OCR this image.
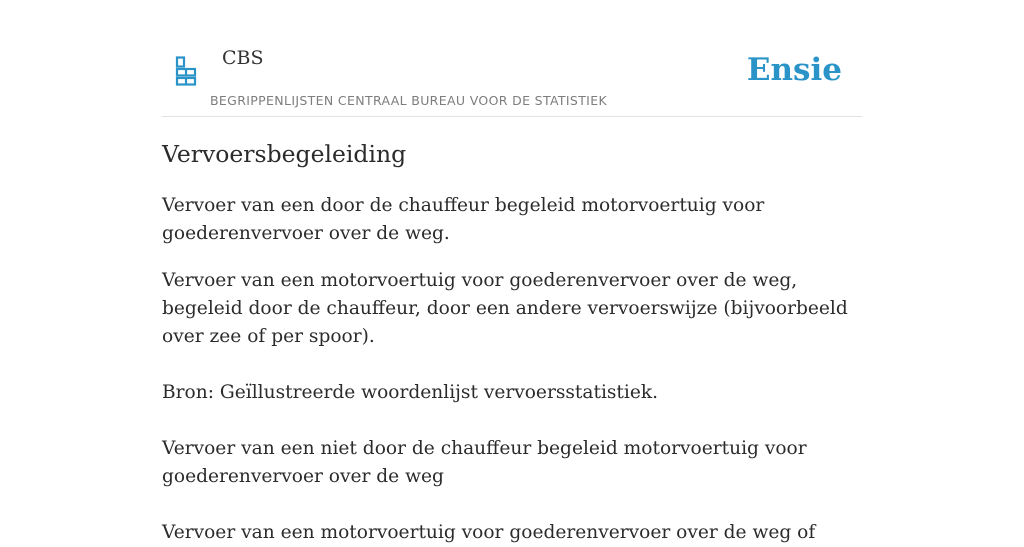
CBS
BEGRIPPENLIJSTEN CENTRAAL BUREAU VOOR DE STATISTIEK
Ensie
Vervoersbegeleiding

Vervoer van een door de chauffeur begeleid motorvoertuig voor goederenvervoer over de weg.

Vervoer van een motorvoertuig voor goederenvervoer over de weg, begeleid door de chauffeur, door een andere vervoerswijze (bijvoorbeeld over zee of per spoor).

Bron: Geïllustreerde woordenlijst vervoersstatistiek.

Vervoer van een niet door de chauffeur begeleid motorvoertuig voor goederenvervoer over de weg

Vervoer van een motorvoertuig voor goederenvervoer over de weg of
